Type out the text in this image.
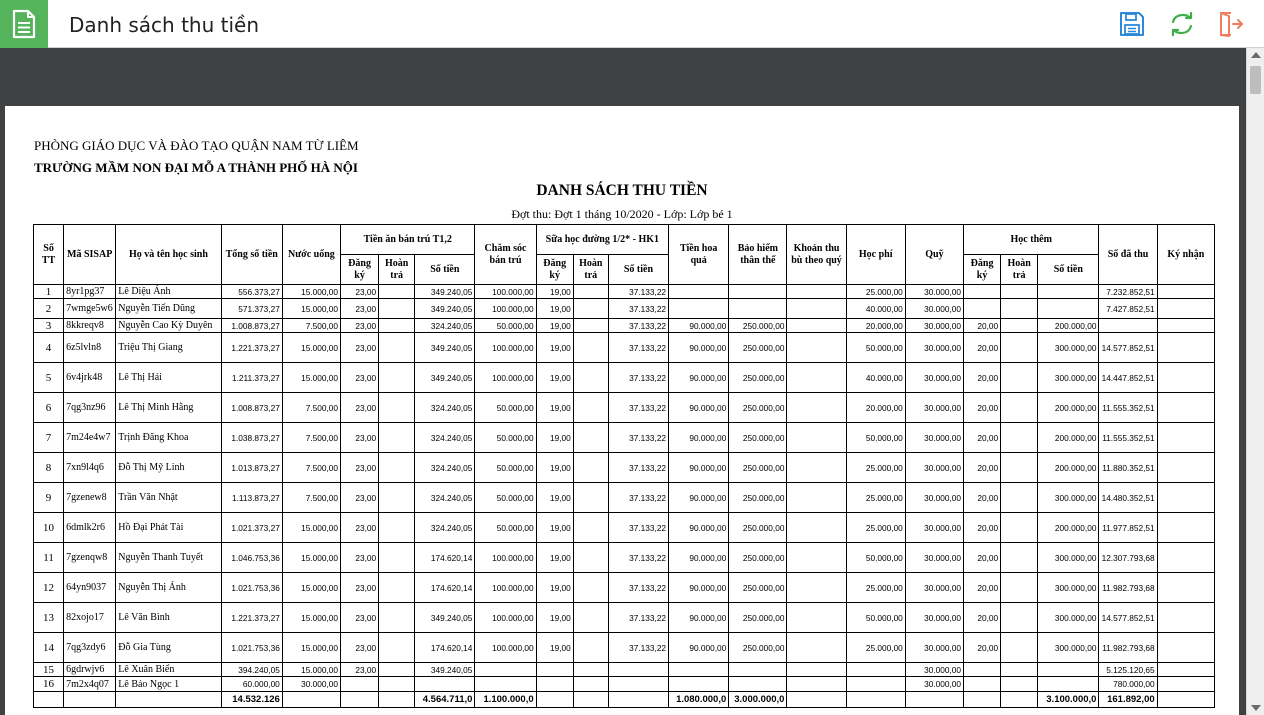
Danh sách thu tiền
PHÒNG GIÁO DỤC VÀ ĐÀO TẠO QUẬN NAM TỪ LIÊM
TRƯỜNG MẦM NON ĐẠI MỖ A THÀNH PHỐ HÀ NỘI
DANH SÁCH THU TIỀN
Đợt thu: Đợt 1 tháng 10/2020 - Lớp: Lớp bé 1
Số TT	Mã SISAP	Họ và tên học sinh	Tổng số tiền	Nước uống	Tiền ăn bán trú T1,2			Chăm sóc bán trú	Sữa học đường 1/2* - HK1			Tiền hoa quả	Bảo hiểm thân thể	Khoản thu bù theo quý	Học phí	Quỹ	Học thêm			Số đã thu	Ký nhận
					Đăng ký	Hoàn trả	Số tiền		Đăng ký	Hoàn trả	Số tiền						Đăng ký	Hoàn trả	Số tiền		
1	8yr1pg37	Lê Diệu Ánh	556.373,27	15.000,00	23,00		349.240,05	100.000,00	19,00		37.133,22				25.000,00	30.000,00				7.232.852,51	
2	7wmge5w6	Nguyễn Tiến Dũng	571.373,27	15.000,00	23,00		349.240,05	100.000,00	19,00		37.133,22				40.000,00	30.000,00				7.427.852,51	
3	8kkreqv8	Nguyễn Cao Kỳ Duyên	1.008.873,27	7.500,00	23,00		324.240,05	50.000,00	19,00		37.133,22	90.000,00	250.000,00		20.000,00	30.000,00	20,00		200.000,00		
4	6z5lvln8	Triệu Thị Giang	1.221.373,27	15.000,00	23,00		349.240,05	100.000,00	19,00		37.133,22	90.000,00	250.000,00		50.000,00	30.000,00	20,00		300.000,00	14.577.852,51	
5	6v4jrk48	Lê Thị Hải	1.211.373,27	15.000,00	23,00		349.240,05	100.000,00	19,00		37.133,22	90.000,00	250.000,00		40.000,00	30.000,00	20,00		300.000,00	14.447.852,51	
6	7qg3nz96	Lê Thị Minh Hằng	1.008.873,27	7.500,00	23,00		324.240,05	50.000,00	19,00		37.133,22	90.000,00	250.000,00		20.000,00	30.000,00	20,00		200.000,00	11.555.352,51	
7	7m24e4w7	Trịnh Đăng Khoa	1.038.873,27	7.500,00	23,00		324.240,05	50.000,00	19,00		37.133,22	90.000,00	250.000,00		50.000,00	30.000,00	20,00		200.000,00	11.555.352,51	
8	7xn9l4q6	Đỗ Thị Mỹ Linh	1.013.873,27	7.500,00	23,00		324.240,05	50.000,00	19,00		37.133,22	90.000,00	250.000,00		25.000,00	30.000,00	20,00		200.000,00	11.880.352,51	
9	7gzenew8	Trần Văn Nhật	1.113.873,27	7.500,00	23,00		324.240,05	50.000,00	19,00		37.133,22	90.000,00	250.000,00		25.000,00	30.000,00	20,00		300.000,00	14.480.352,51	
10	6dmlk2r6	Hồ Đại Phát Tài	1.021.373,27	15.000,00	23,00		324.240,05	50.000,00	19,00		37.133,22	90.000,00	250.000,00		25.000,00	30.000,00	20,00		200.000,00	11.977.852,51	
11	7gzenqw8	Nguyễn Thanh Tuyết	1.046.753,36	15.000,00	23,00		174.620,14	100.000,00	19,00		37.133,22	90.000,00	250.000,00		50.000,00	30.000,00	20,00		300.000,00	12.307.793,68	
12	64yn9037	Nguyễn Thị Ánh	1.021.753,36	15.000,00	23,00		174.620,14	100.000,00	19,00		37.133,22	90.000,00	250.000,00		25.000,00	30.000,00	20,00		300.000,00	11.982.793,68	
13	82xojo17	Lê Văn Bình	1.221.373,27	15.000,00	23,00		349.240,05	100.000,00	19,00		37.133,22	90.000,00	250.000,00		50.000,00	30.000,00	20,00		300.000,00	14.577.852,51	
14	7qg3zdy6	Đỗ Gia Tùng	1.021.753,36	15.000,00	23,00		174.620,14	100.000,00	19,00		37.133,22	90.000,00	250.000,00		25.000,00	30.000,00	20,00		300.000,00	11.982.793,68	
15	6gdrwjv6	Lê Xuân Biển	394.240,05	15.000,00	23,00		349.240,05									30.000,00				5.125.120,65	
16	7m2x4q07	Lê Bảo Ngọc 1	60.000,00	30.000,00												30.000,00				780.000,00	
			14.532.126				4.564.711,0	1.100.000,0				1.080.000,0	3.000.000,0						3.100.000,0	161.892,00	
